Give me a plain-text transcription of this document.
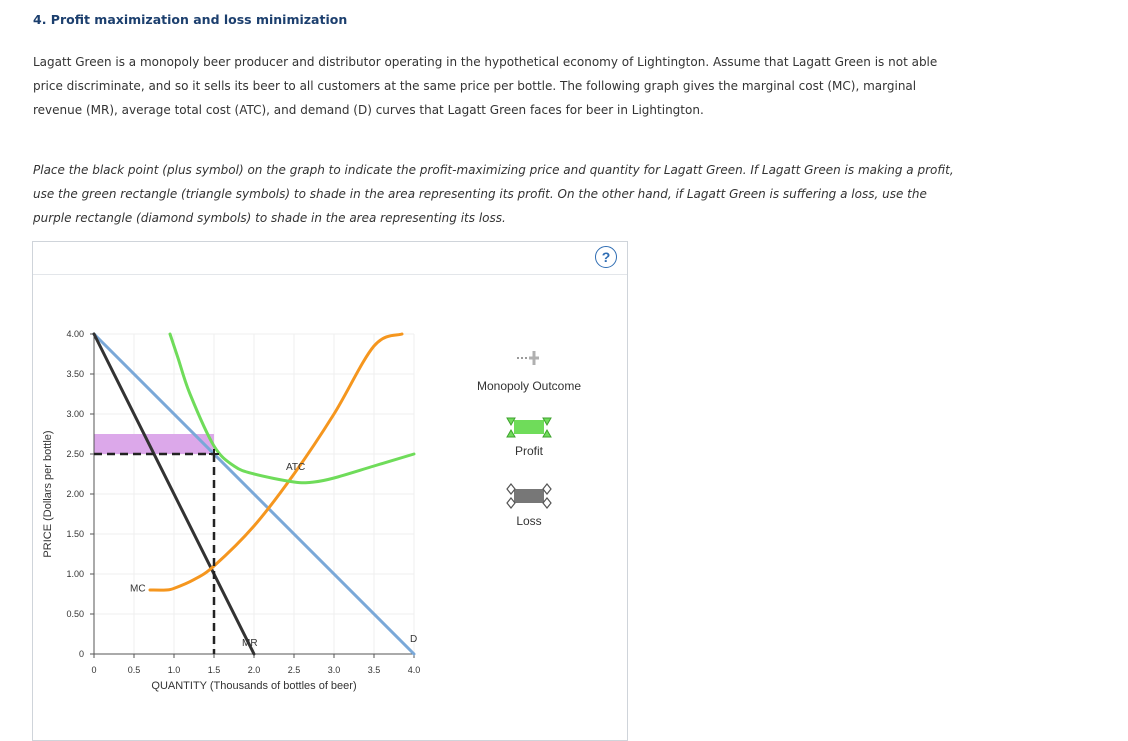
4. Profit maximization and loss minimization

Lagatt Green is a monopoly beer producer and distributor operating in the hypothetical economy of Lightington. Assume that Lagatt Green is not able price discriminate, and so it sells its beer to all customers at the same price per bottle. The following graph gives the marginal cost (MC), marginal revenue (MR), average total cost (ATC), and demand (D) curves that Lagatt Green faces for beer in Lightington.

Place the black point (plus symbol) on the graph to indicate the profit-maximizing price and quantity for Lagatt Green. If Lagatt Green is making a profit, use the green rectangle (triangle symbols) to shade in the area representing its profit. On the other hand, if Lagatt Green is suffering a loss, use the purple rectangle (diamond symbols) to shade in the area representing its loss.

?
0	0.5	1.0	1.5	2.0	2.5	3.0	3.5	4.0
0
0.50
1.00
1.50
2.00
2.50
3.00
3.50
4.00
QUANTITY (Thousands of bottles of beer)
PRICE (Dollars per bottle)
D
MR
MC
ATC
Monopoly Outcome
Profit
Loss
